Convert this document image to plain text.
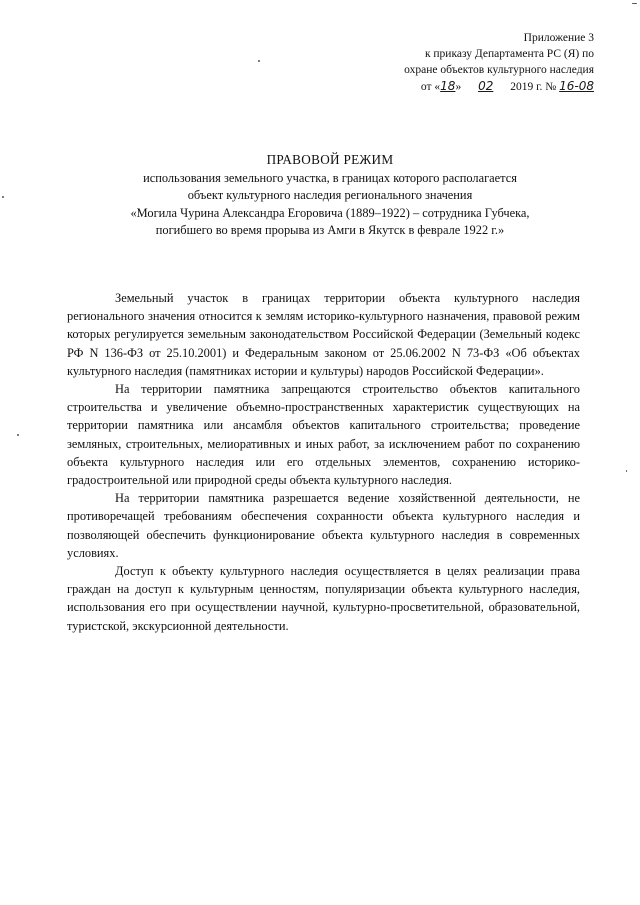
Приложение 3
к приказу Департамента РС (Я) по
охране объектов культурного наследия
от «18» 02 2019 г. № 16-08
ПРАВОВОЙ РЕЖИМ
использования земельного участка, в границах которого располагается
объект культурного наследия регионального значения
«Могила Чурина Александра Егоровича (1889–1922) – сотрудника Губчека,
погибшего во время прорыва из Амги в Якутск в феврале 1922 г.»

Земельный участок в границах территории объекта культурного наследия регионального значения относится к землям историко-культурного назначения, правовой режим которых регулируется земельным законодательством Российской Федерации (Земельный кодекс РФ N 136-ФЗ от 25.10.2001) и Федеральным законом от 25.06.2002 N 73-ФЗ «Об объектах культурного наследия (памятниках истории и культуры) народов Российской Федерации».

На территории памятника запрещаются строительство объектов капитального строительства и увеличение объемно-пространственных характеристик существующих на территории памятника или ансамбля объектов капитального строительства; проведение земляных, строительных, мелиоративных и иных работ, за исключением работ по сохранению объекта культурного наследия или его отдельных элементов, сохранению историко-градостроительной или природной среды объекта культурного наследия.

На территории памятника разрешается ведение хозяйственной деятельности, не противоречащей требованиям обеспечения сохранности объекта культурного наследия и позволяющей обеспечить функционирование объекта культурного наследия в современных условиях.

Доступ к объекту культурного наследия осуществляется в целях реализации права граждан на доступ к культурным ценностям, популяризации объекта культурного наследия, использования его при осуществлении научной, культурно-просветительной, образовательной, туристской, экскурсионной деятельности.
